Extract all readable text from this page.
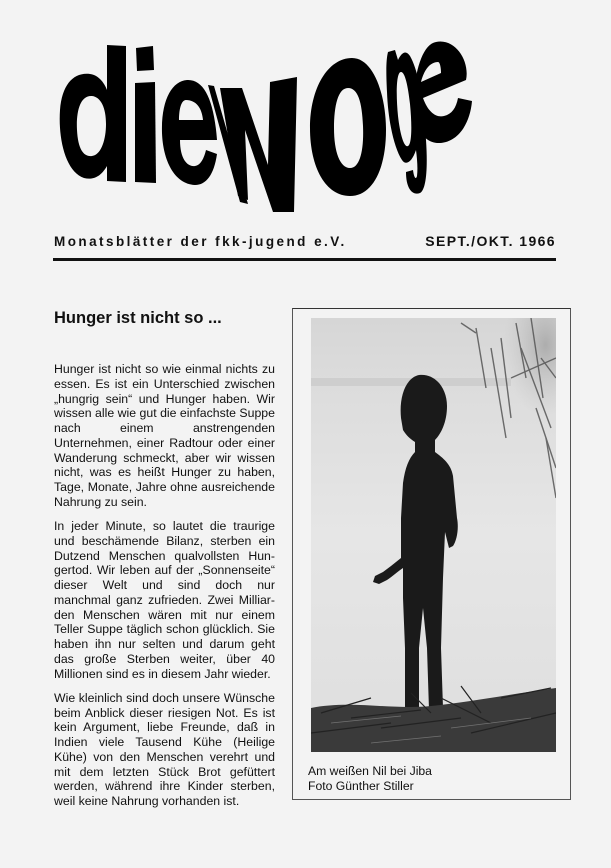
Monatsblätter der fkk-jugend e.V.	SEPT./OKT. 1966
Hunger ist nicht so ...

Hunger ist nicht so wie einmal nichts zu essen. Es ist ein Unterschied zwischen „hungrig sein“ und Hunger haben. Wir wissen alle wie gut die einfachste Suppe nach einem anstrengenden Unternehmen, einer Radtour oder einer Wanderung schmeckt, aber wir wissen nicht, was es heißt Hunger zu haben, Tage, Monate, Jahre ohne ausreichende Nahrung zu sein.

In jeder Minute, so lautet die traurige und beschämende Bilanz, sterben ein Dutzend Menschen qualvollsten Hungertod. Wir leben auf der „Sonnenseite“ dieser Welt und sind doch nur manchmal ganz zufrieden. Zwei Milliarden Menschen wären mit nur einem Teller Suppe täglich schon glücklich. Sie haben ihn nur selten und darum geht das große Sterben weiter, über 40 Millionen sind es in diesem Jahr wieder.

Wie kleinlich sind doch unsere Wünsche beim Anblick dieser riesigen Not. Es ist kein Argument, liebe Freunde, daß in Indien viele Tausend Kühe (Heilige Kühe) von den Menschen verehrt und mit dem letzten Stück Brot gefüttert werden, während ihre Kinder sterben, weil keine Nahrung vorhanden ist.

Am weißen Nil bei Jiba
Foto Günther Stiller
